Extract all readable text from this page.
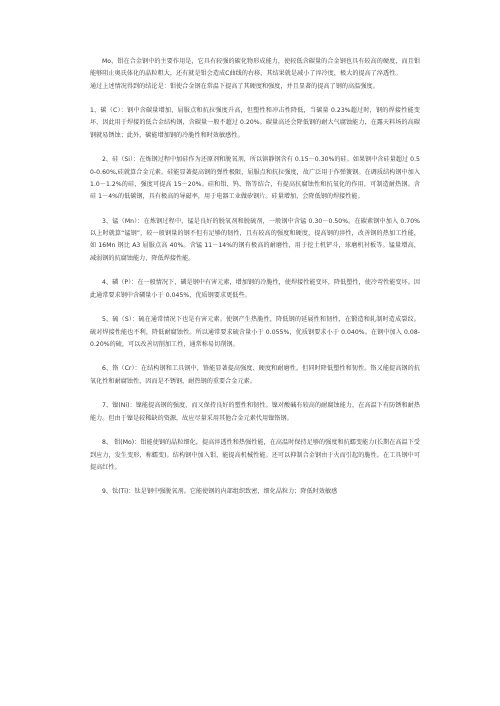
Mo，钼在合金钢中的主要作用是，它具有较强的碳化物形成能力，使较低含碳量的合金钢也具有较高的硬度，而且钼能够阻止奥氏体化的晶粒粗大，还有就是钼会造成C曲线的右移，其结果就是减小了淬冷度，极大的提高了淬透性。

通过上述情况得到的结论是：钼使合金钢在常温下提高了其硬度和强度，并且显著的提高了钢的高温强度。

1、碳（C）：钢中含碳量增加，屈服点和抗拉强度升高，但塑性和冲击性降低，当碳量 0.23%超过时，钢的焊接性能变坏，因此用于焊接的低合金结构钢，含碳量一般不超过 0.20%。碳量高还会降低钢的耐大气腐蚀能力，在露天料场的高碳钢就易锈蚀；此外，碳能增加钢的冷脆性和时效敏感性。

2、硅（Si）：在炼钢过程中加硅作为还原剂和脱氧剂，所以镇静钢含有 0.15－0.30%的硅。如果钢中含硅量超过 0.50-0.60%,硅就算合金元素。硅能显著提高钢的弹性极限，屈服点和抗拉强度，故广泛用于作弹簧钢。在调质结构钢中加入 1.0－1.2%的硅，强度可提高 15－20%。硅和钼、钨、铬等结合，有提高抗腐蚀性和抗氧化的作用，可制造耐热钢。含硅 1－4%的低碳钢，具有极高的导磁率，用于电器工业做矽钢片。硅量增加，会降低钢的焊接性能。

3、锰（Mn）：在炼钢过程中，锰是良好的脱氧剂和脱硫剂，一般钢中含锰 0.30－0.50%。在碳素钢中加入 0.70%以上时就算“锰钢”，较一般钢量的钢不但有足够的韧性，且有较高的强度和硬度，提高钢的淬性，改善钢的热加工性能，如 16Mn 钢比 A3 屈服点高 40%。含锰 11－14%的钢有极高的耐磨性，用于挖土机铲斗，球磨机衬板等。锰量增高，减弱钢的抗腐蚀能力，降低焊接性能。

4、磷（P）：在一般情况下，磷是钢中有害元素，增加钢的冷脆性，使焊接性能变坏，降低塑性，使冷弯性能变坏。因此通常要求钢中含磷量小于 0.045%，优质钢要求更低些。

5、硫（S）：硫在通常情况下也是有害元素。使钢产生热脆性，降低钢的延展性和韧性，在锻造和轧制时造成裂纹。硫对焊接性能也不利，降低耐腐蚀性。所以通常要求硫含量小于 0.055%，优质钢要求小于 0.040%。在钢中加入 0.08-0.20%的硫，可以改善切削加工性，通常称易切削钢。

6、铬（Cr）：在结构钢和工具钢中，铬能显著提高强度、硬度和耐磨性，但同时降低塑性和韧性。铬又能提高钢的抗氧化性和耐腐蚀性，因而是不锈钢，耐热钢的重要合金元素。

7、镍(Ni)：镍能提高钢的强度，而又保持良好的塑性和韧性。镍对酸碱有较高的耐腐蚀能力，在高温下有防锈和耐热能力。但由于镍是较稀缺的资源，故应尽量采用其他合金元素代用镍铬钢。

8、 钼(Mo)：钼能使钢的晶粒细化，提高淬透性和热强性能，在高温时保持足够的强度和抗蠕变能力(长期在高温下受到应力，发生变形，称蠕变)。结构钢中加入钼，能提高机械性能。还可以抑制合金钢由于火而引起的脆性。在工具钢中可提高红性。

9、钛(Ti)：钛是钢中强脱氧剂。它能使钢的内部组织致密，细化晶粒力；降低时效敏感
